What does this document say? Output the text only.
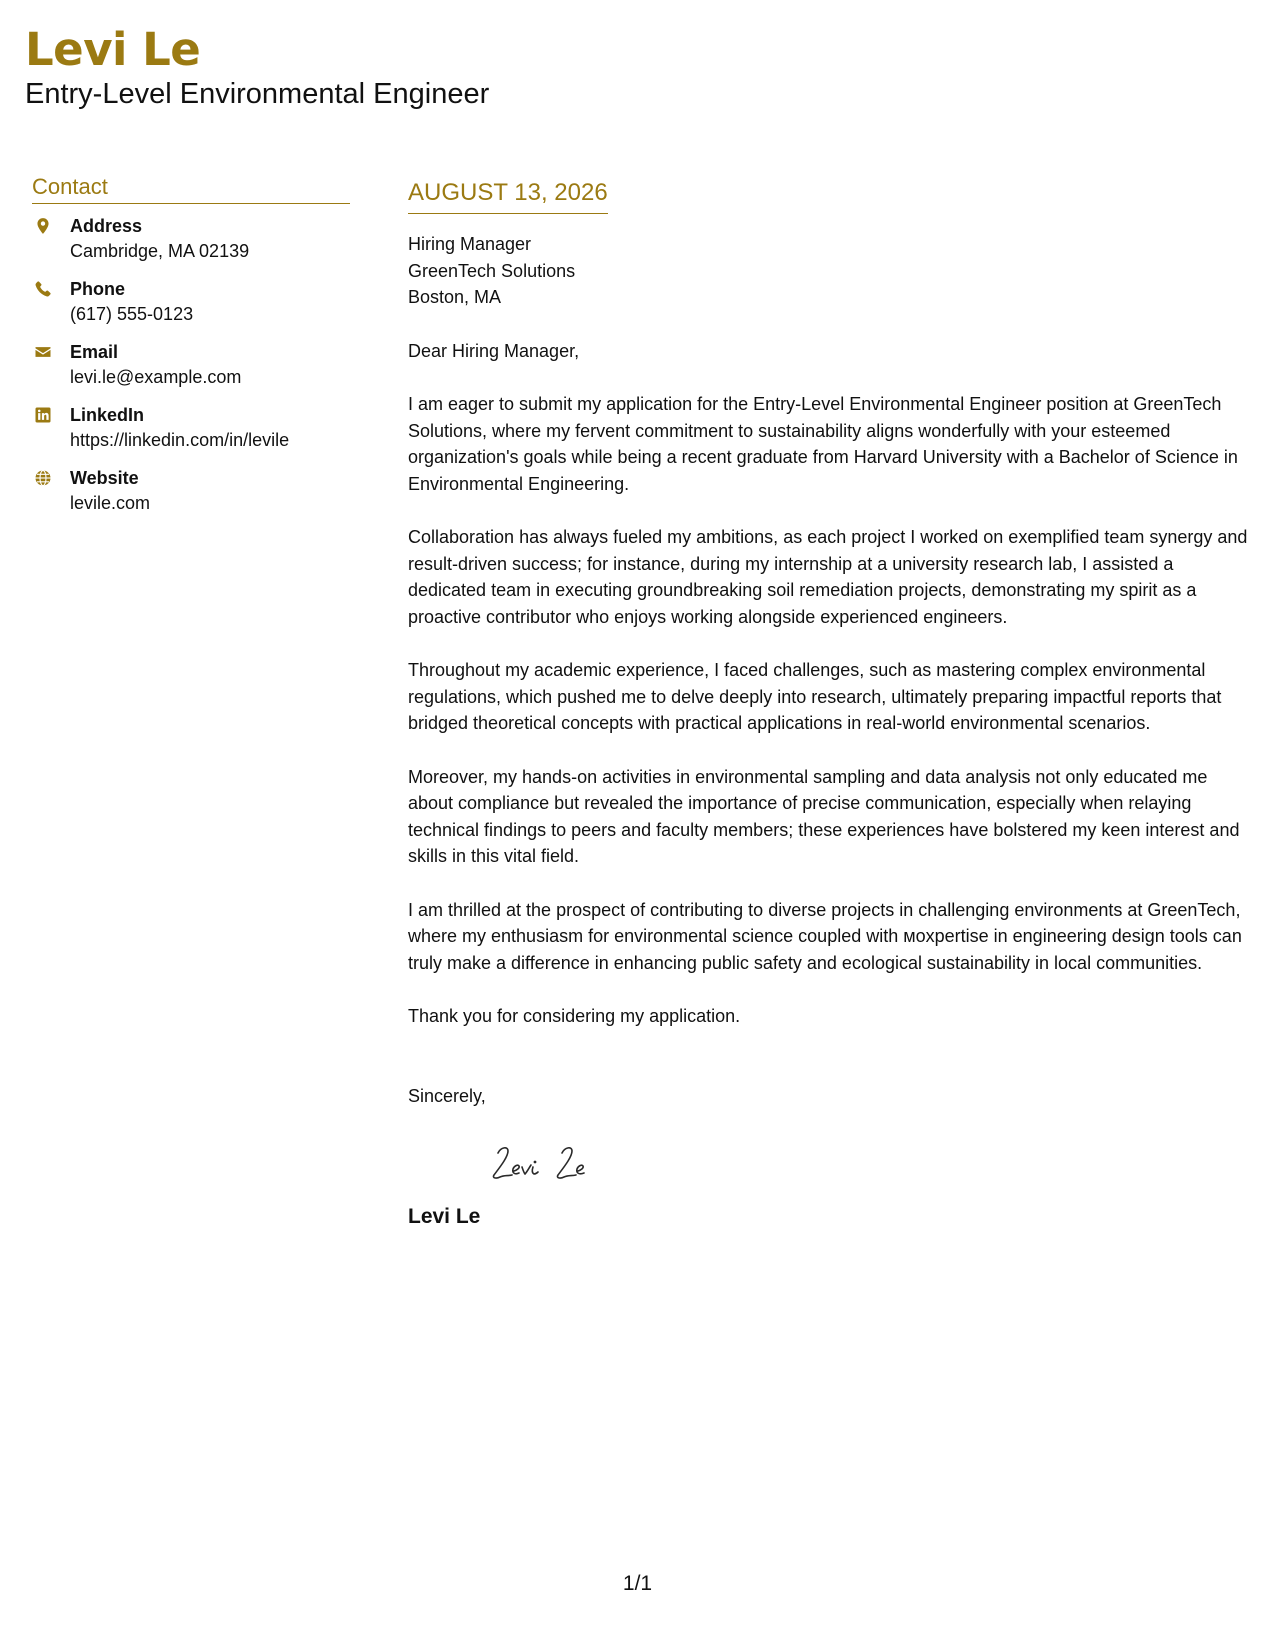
Levi Le
Entry-Level Environmental Engineer
Contact
Address
Cambridge, MA 02139
Phone
(617) 555-0123
Email
levi.le@example.com
LinkedIn
https://linkedin.com/in/levile
Website
levile.com
AUGUST 13, 2026
Hiring Manager
GreenTech Solutions
Boston, MA
Dear Hiring Manager,
I am eager to submit my application for the Entry-Level Environmental Engineer position at GreenTech Solutions, where my fervent commitment to sustainability aligns wonderfully with your esteemed organization's goals while being a recent graduate from Harvard University with a Bachelor of Science in Environmental Engineering.
Collaboration has always fueled my ambitions, as each project I worked on exemplified team synergy and result-driven success; for instance, during my internship at a university research lab, I assisted a dedicated team in executing groundbreaking soil remediation projects, demonstrating my spirit as a proactive contributor who enjoys working alongside experienced engineers.
Throughout my academic experience, I faced challenges, such as mastering complex environmental regulations, which pushed me to delve deeply into research, ultimately preparing impactful reports that bridged theoretical concepts with practical applications in real-world environmental scenarios.
Moreover, my hands-on activities in environmental sampling and data analysis not only educated me about compliance but revealed the importance of precise communication, especially when relaying technical findings to peers and faculty members; these experiences have bolstered my keen interest and skills in this vital field.
I am thrilled at the prospect of contributing to diverse projects in challenging environments at GreenTech, where my enthusiasm for environmental science coupled with мoxpertise in engineering design tools can truly make a difference in enhancing public safety and ecological sustainability in local communities.
Thank you for considering my application.
Sincerely,
Levi Le
1/1
